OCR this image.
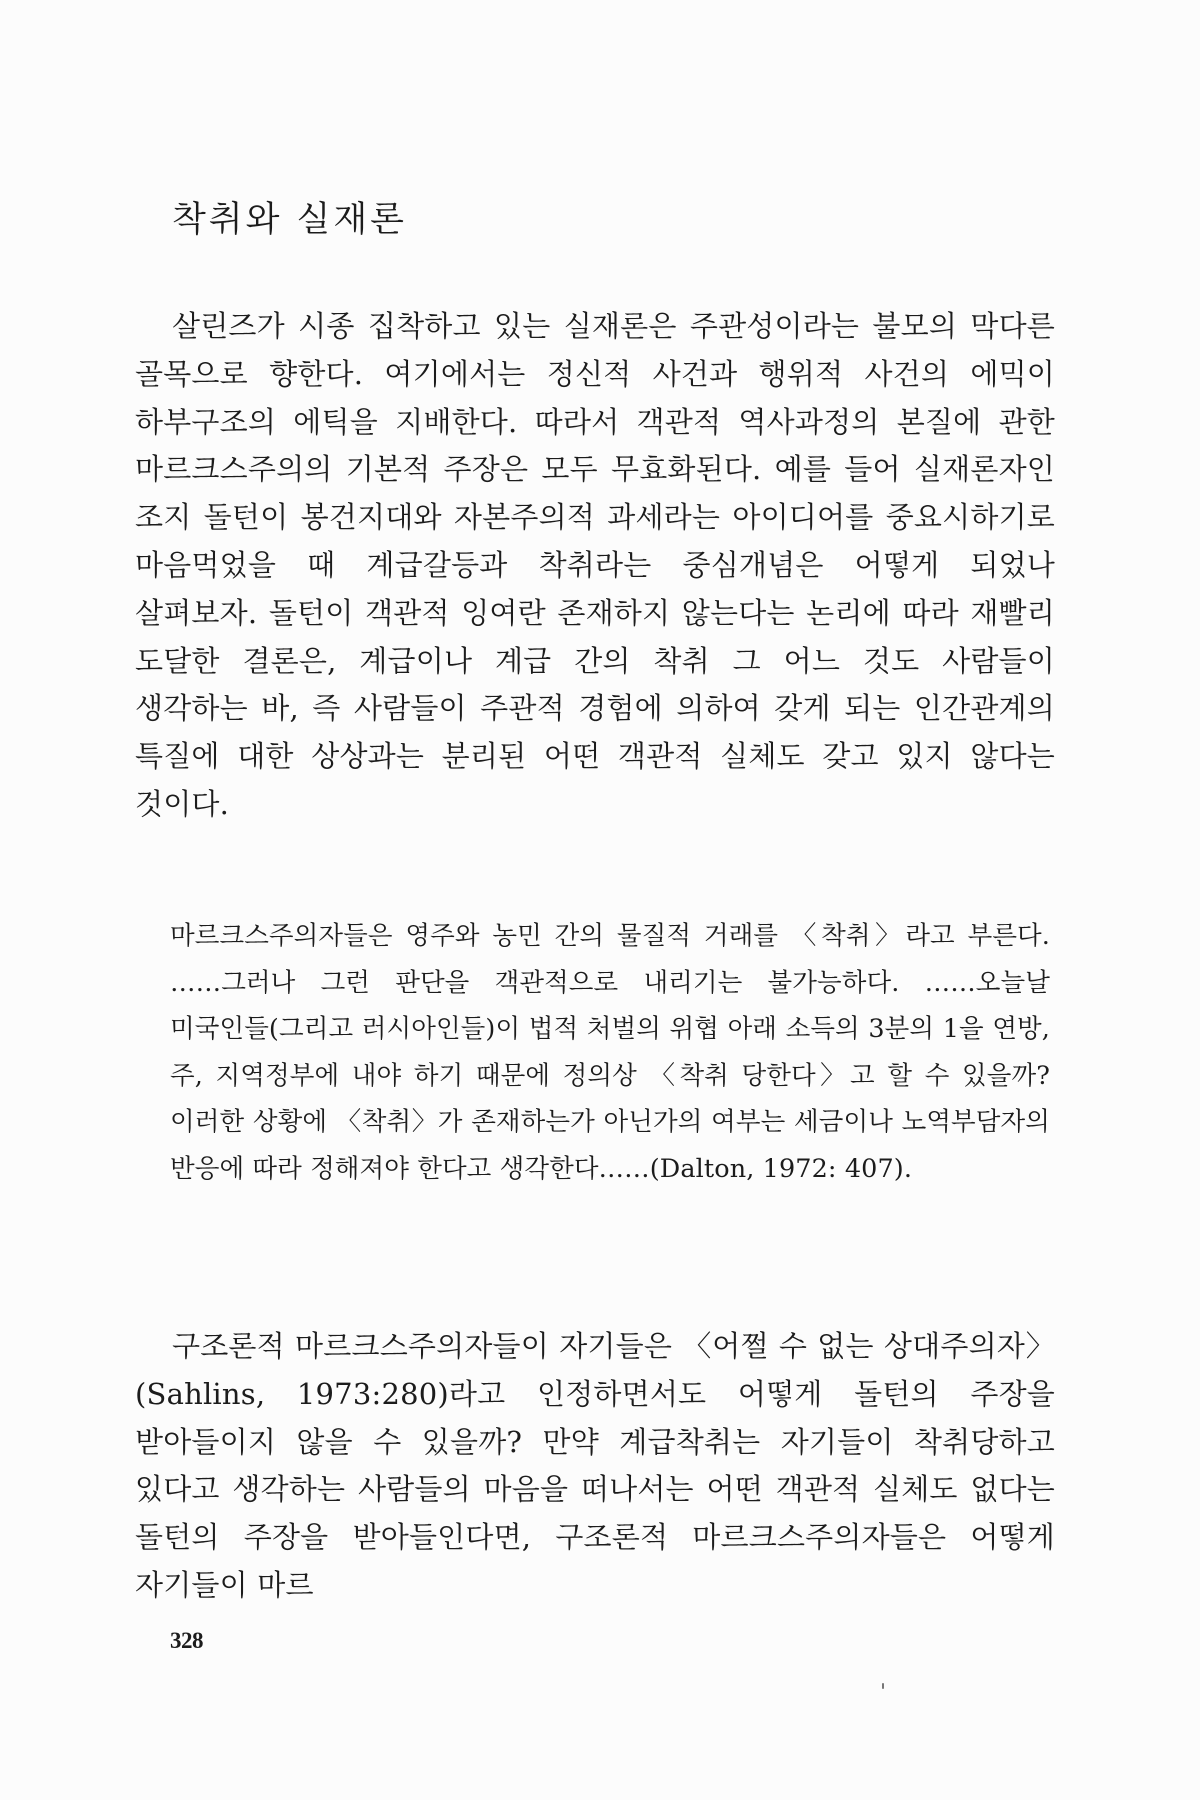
착취와 실재론

살린즈가 시종 집착하고 있는 실재론은 주관성이라는 불모의 막다른 골목으로 향한다. 여기에서는 정신적 사건과 행위적 사건의 에믹이 하부구조의 에틱을 지배한다. 따라서 객관적 역사과정의 본질에 관한 마르크스주의의 기본적 주장은 모두 무효화된다. 예를 들어 실재론자인 조지 돌턴이 봉건지대와 자본주의적 과세라는 아이디어를 중요시하기로 마음먹었을 때 계급갈등과 착취라는 중심개념은 어떻게 되었나 살펴보자. 돌턴이 객관적 잉여란 존재하지 않는다는 논리에 따라 재빨리 도달한 결론은, 계급이나 계급 간의 착취 그 어느 것도 사람들이 생각하는 바, 즉 사람들이 주관적 경험에 의하여 갖게 되는 인간관계의 특질에 대한 상상과는 분리된 어떤 객관적 실체도 갖고 있지 않다는 것이다.

마르크스주의자들은 영주와 농민 간의 물질적 거래를 〈착취〉라고 부른다. ……그러나 그런 판단을 객관적으로 내리기는 불가능하다. ……오늘날 미국인들(그리고 러시아인들)이 법적 처벌의 위협 아래 소득의 3분의 1을 연방, 주, 지역정부에 내야 하기 때문에 정의상 〈착취 당한다〉고 할 수 있을까? 이러한 상황에 〈착취〉가 존재하는가 아닌가의 여부는 세금이나 노역부담자의 반응에 따라 정해져야 한다고 생각한다……(Dalton, 1972: 407).

구조론적 마르크스주의자들이 자기들은 〈어쩔 수 없는 상대주의자〉(Sahlins, 1973:280)라고 인정하면서도 어떻게 돌턴의 주장을 받아들이지 않을 수 있을까? 만약 계급착취는 자기들이 착취당하고 있다고 생각하는 사람들의 마음을 떠나서는 어떤 객관적 실체도 없다는 돌턴의 주장을 받아들인다면, 구조론적 마르크스주의자들은 어떻게 자기들이 마르

328
